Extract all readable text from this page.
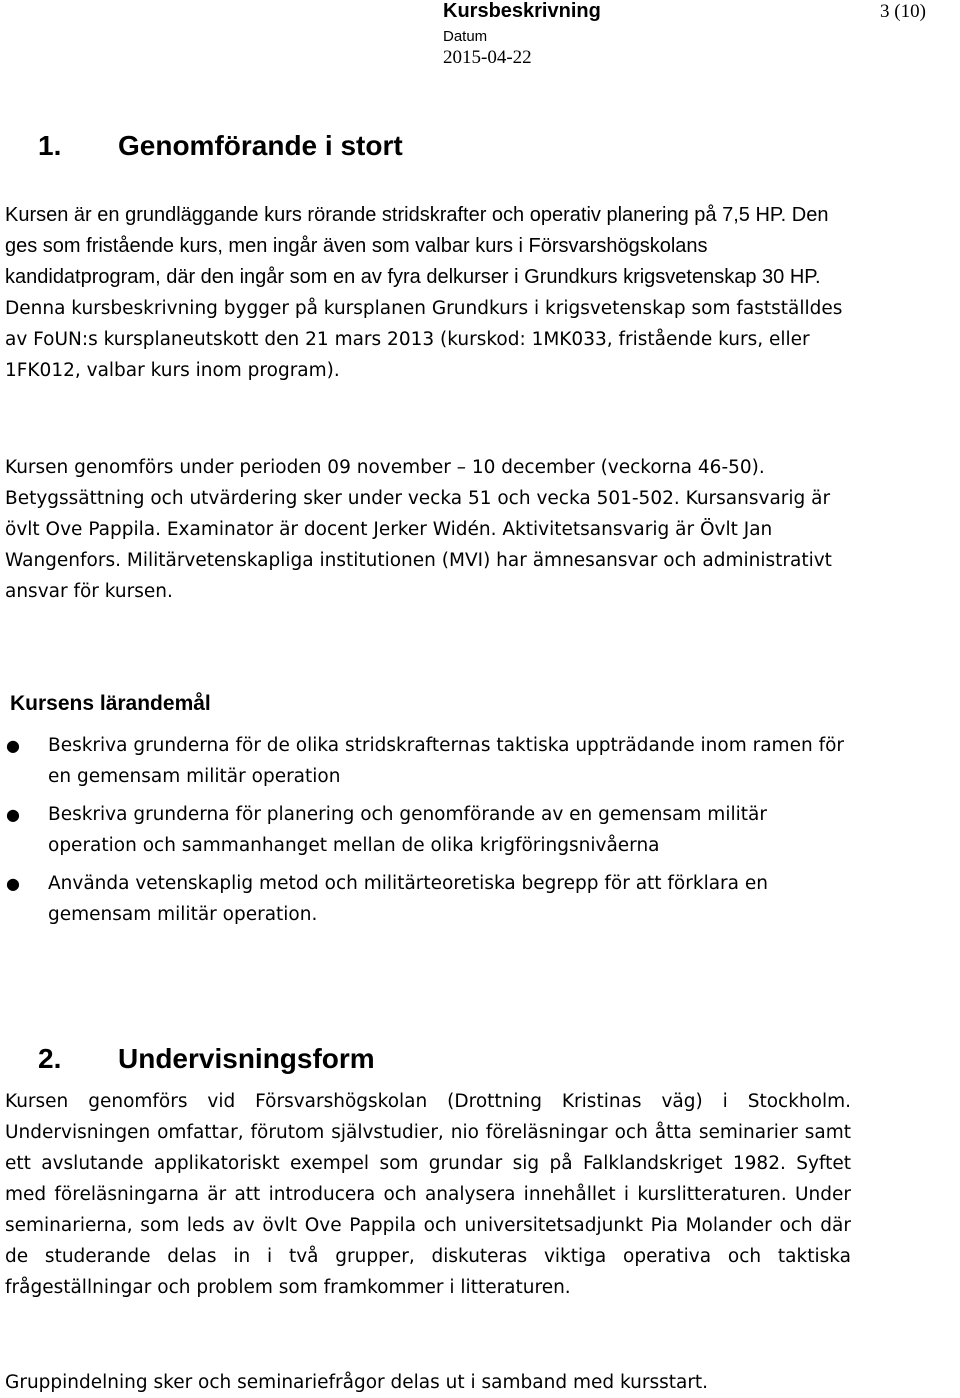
Kursbeskrivning	3 (10)
Datum
2015-04-22
1. Genomförande i stort

Kursen är en grundläggande kurs rörande stridskrafter och operativ planering på 7,5 HP. Den ges som fristående kurs, men ingår även som valbar kurs i Försvarshögskolans kandidatprogram, där den ingår som en av fyra delkurser i Grundkurs krigsvetenskap 30 HP. Denna kursbeskrivning bygger på kursplanen Grundkurs i krigsvetenskap som fastställdes av FoUN:s kursplaneutskott den 21 mars 2013 (kurskod: 1MK033, fristående kurs, eller 1FK012, valbar kurs inom program).

Kursen genomförs under perioden 09 november – 10 december (veckorna 46-50). Betygssättning och utvärdering sker under vecka 51 och vecka 501-502. Kursansvarig är övlt Ove Pappila. Examinator är docent Jerker Widén. Aktivitetsansvarig är Övlt Jan Wangenfors. Militärvetenskapliga institutionen (MVI) har ämnesansvar och administrativt ansvar för kursen.

Kursens lärandemål
● Beskriva grunderna för de olika stridskrafternas taktiska uppträdande inom ramen för en gemensam militär operation

● Beskriva grunderna för planering och genomförande av en gemensam militär operation och sammanhanget mellan de olika krigföringsnivåerna

● Använda vetenskaplig metod och militärteoretiska begrepp för att förklara en gemensam militär operation.

2. Undervisningsform

Kursen genomförs vid Försvarshögskolan (Drottning Kristinas väg) i Stockholm. Undervisningen omfattar, förutom självstudier, nio föreläsningar och åtta seminarier samt ett avslutande applikatoriskt exempel som grundar sig på Falklandskriget 1982. Syftet med föreläsningarna är att introducera och analysera innehållet i kurslitteraturen. Under seminarierna, som leds av övlt Ove Pappila och universitetsadjunkt Pia Molander och där de studerande delas in i två grupper, diskuteras viktiga operativa och taktiska frågeställningar och problem som framkommer i litteraturen.

Gruppindelning sker och seminariefrågor delas ut i samband med kursstart.
